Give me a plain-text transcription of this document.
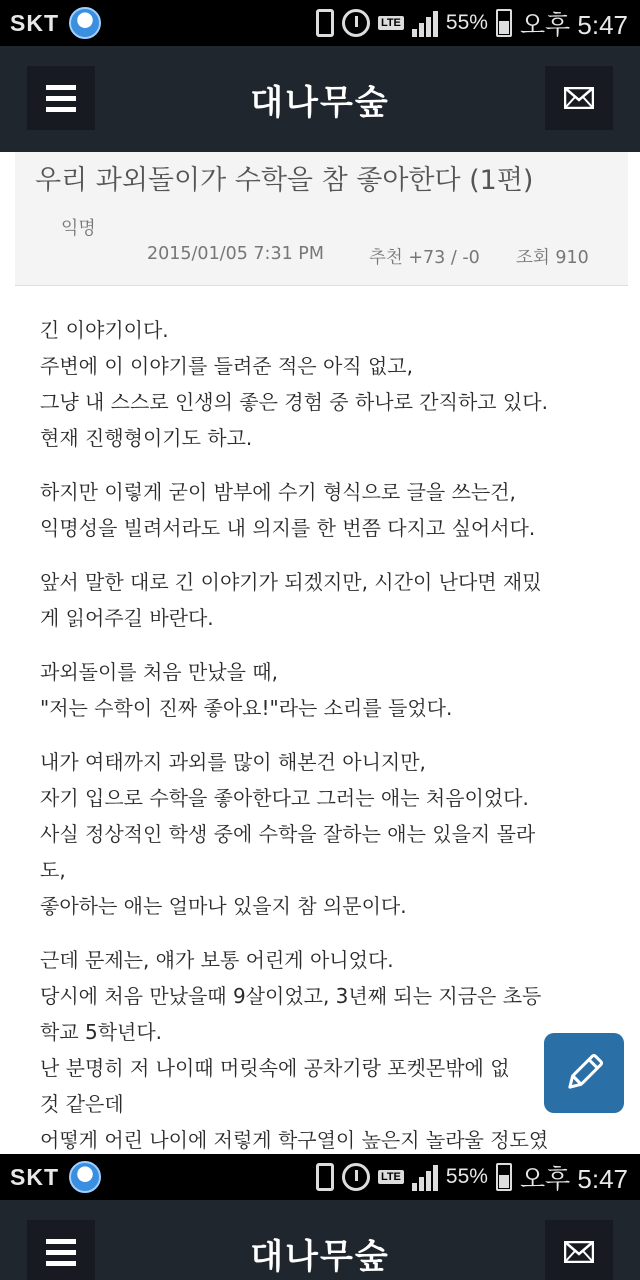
SKT	LTE 55% 오후 5:47
대나무숲
우리 과외돌이가 수학을 참 좋아한다 (1편)
익명
2015/01/05 7:31 PM	추천 +73 / -0	조회 910
긴 이야기이다.
주변에 이 이야기를 들려준 적은 아직 없고,
그냥 내 스스로 인생의 좋은 경험 중 하나로 간직하고 있다.
현재 진행형이기도 하고.
하지만 이렇게 굳이 밤부에 수기 형식으로 글을 쓰는건,
익명성을 빌려서라도 내 의지를 한 번쯤 다지고 싶어서다.
앞서 말한 대로 긴 이야기가 되겠지만, 시간이 난다면 재밌
게 읽어주길 바란다.
과외돌이를 처음 만났을 때,
"저는 수학이 진짜 좋아요!"라는 소리를 들었다.
내가 여태까지 과외를 많이 해본건 아니지만,
자기 입으로 수학을 좋아한다고 그러는 애는 처음이었다.
사실 정상적인 학생 중에 수학을 잘하는 애는 있을지 몰라
도,
좋아하는 애는 얼마나 있을지 참 의문이다.
근데 문제는, 얘가 보통 어린게 아니었다.
당시에 처음 만났을때 9살이었고, 3년째 되는 지금은 초등
학교 5학년다.
난 분명히 저 나이때 머릿속에 공차기랑 포켓몬밖에 없
것 같은데
어떻게 어린 나이에 저렇게 학구열이 높은지 놀라울 정도였
SKT	LTE 55% 오후 5:47
대나무숲
